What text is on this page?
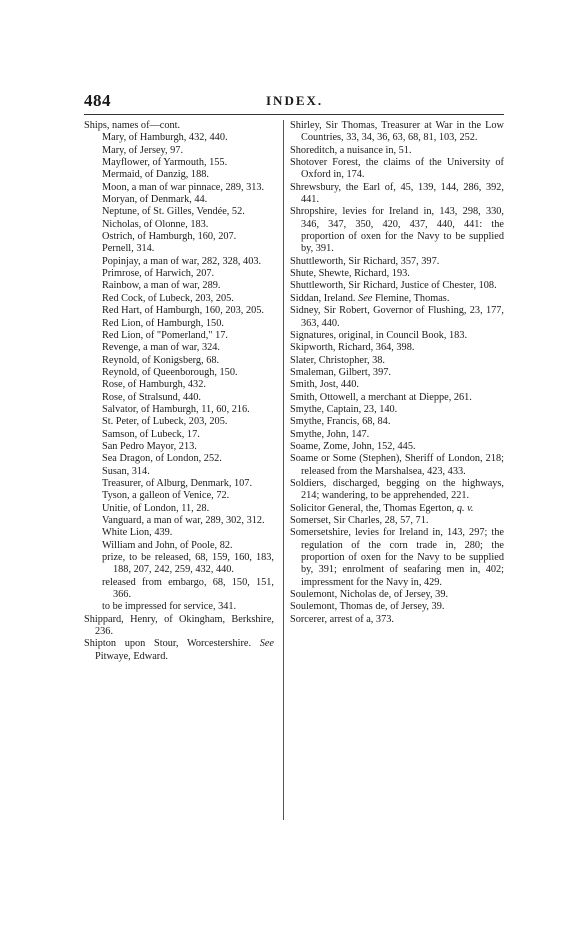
484	INDEX.
Ships, names of—cont.
Mary, of Hamburgh, 432, 440.
Mary, of Jersey, 97.
Mayflower, of Yarmouth, 155.
Mermaid, of Danzig, 188.
Moon, a man of war pinnace, 289, 313.
Moryan, of Denmark, 44.
Neptune, of St. Gilles, Vendée, 52.
Nicholas, of Olonne, 183.
Ostrich, of Hamburgh, 160, 207.
Pernell, 314.
Popinjay, a man of war, 282, 328, 403.
Primrose, of Harwich, 207.
Rainbow, a man of war, 289.
Red Cock, of Lubeck, 203, 205.
Red Hart, of Hamburgh, 160, 203, 205.
Red Lion, of Hamburgh, 150.
Red Lion, of "Pomerland," 17.
Revenge, a man of war, 324.
Reynold, of Konigsberg, 68.
Reynold, of Queenborough, 150.
Rose, of Hamburgh, 432.
Rose, of Stralsund, 440.
Salvator, of Hamburgh, 11, 60, 216.
St. Peter, of Lubeck, 203, 205.
Samson, of Lubeck, 17.
San Pedro Mayor, 213.
Sea Dragon, of London, 252.
Susan, 314.
Treasurer, of Alburg, Denmark, 107.
Tyson, a galleon of Venice, 72.
Unitie, of London, 11, 28.
Vanguard, a man of war, 289, 302, 312.
White Lion, 439.
William and John, of Poole, 82.
prize, to be released, 68, 159, 160, 183, 188, 207, 242, 259, 432, 440.
released from embargo, 68, 150, 151, 366.
to be impressed for service, 341.
Shippard, Henry, of Okingham, Berkshire, 236.
Shipton upon Stour, Worcestershire. See Pitwaye, Edward.
Shirley, Sir Thomas, Treasurer at War in the Low Countries, 33, 34, 36, 63, 68, 81, 103, 252.
Shoreditch, a nuisance in, 51.
Shotover Forest, the claims of the University of Oxford in, 174.
Shrewsbury, the Earl of, 45, 139, 144, 286, 392, 441.
Shropshire, levies for Ireland in, 143, 298, 330, 346, 347, 350, 420, 437, 440, 441: the proportion of oxen for the Navy to be supplied by, 391.
Shuttleworth, Sir Richard, 357, 397.
Shute, Shewte, Richard, 193.
Shuttleworth, Sir Richard, Justice of Chester, 108.
Siddan, Ireland. See Flemine, Thomas.
Sidney, Sir Robert, Governor of Flushing, 23, 177, 363, 440.
Signatures, original, in Council Book, 183.
Skipworth, Richard, 364, 398.
Slater, Christopher, 38.
Smaleman, Gilbert, 397.
Smith, Jost, 440.
Smith, Ottowell, a merchant at Dieppe, 261.
Smythe, Captain, 23, 140.
Smythe, Francis, 68, 84.
Smythe, John, 147.
Soame, Zome, John, 152, 445.
Soame or Some (Stephen), Sheriff of London, 218; released from the Marshalsea, 423, 433.
Soldiers, discharged, begging on the highways, 214; wandering, to be apprehended, 221.
Solicitor General, the, Thomas Egerton, q. v.
Somerset, Sir Charles, 28, 57, 71.
Somersetshire, levies for Ireland in, 143, 297; the regulation of the corn trade in, 280; the proportion of oxen for the Navy to be supplied by, 391; enrolment of seafaring men in, 402; impressment for the Navy in, 429.
Soulemont, Nicholas de, of Jersey, 39.
Soulemont, Thomas de, of Jersey, 39.
Sorcerer, arrest of a, 373.
